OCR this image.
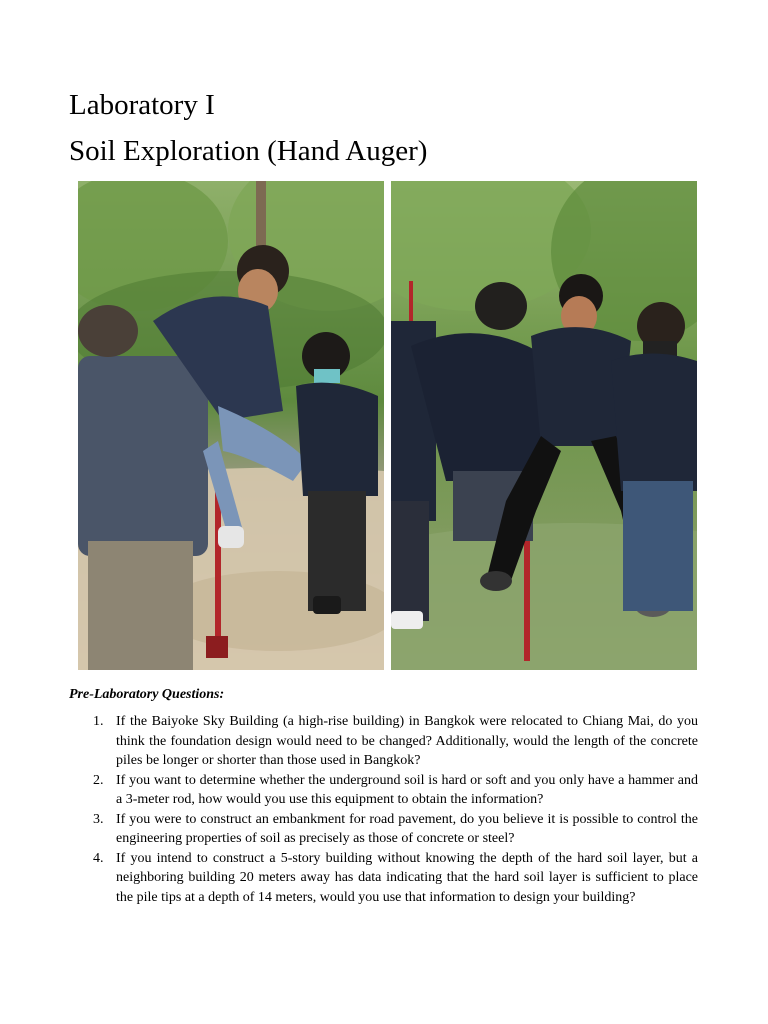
Laboratory I
Soil Exploration (Hand Auger)
Pre-Laboratory Questions:
1. If the Baiyoke Sky Building (a high-rise building) in Bangkok were relocated to Chiang Mai, do you think the foundation design would need to be changed? Additionally, would the length of the concrete piles be longer or shorter than those used in Bangkok?
2. If you want to determine whether the underground soil is hard or soft and you only have a hammer and a 3-meter rod, how would you use this equipment to obtain the information?
3. If you were to construct an embankment for road pavement, do you believe it is possible to control the engineering properties of soil as precisely as those of concrete or steel?
4. If you intend to construct a 5-story building without knowing the depth of the hard soil layer, but a neighboring building 20 meters away has data indicating that the hard soil layer is sufficient to place the pile tips at a depth of 14 meters, would you use that information to design your building?
